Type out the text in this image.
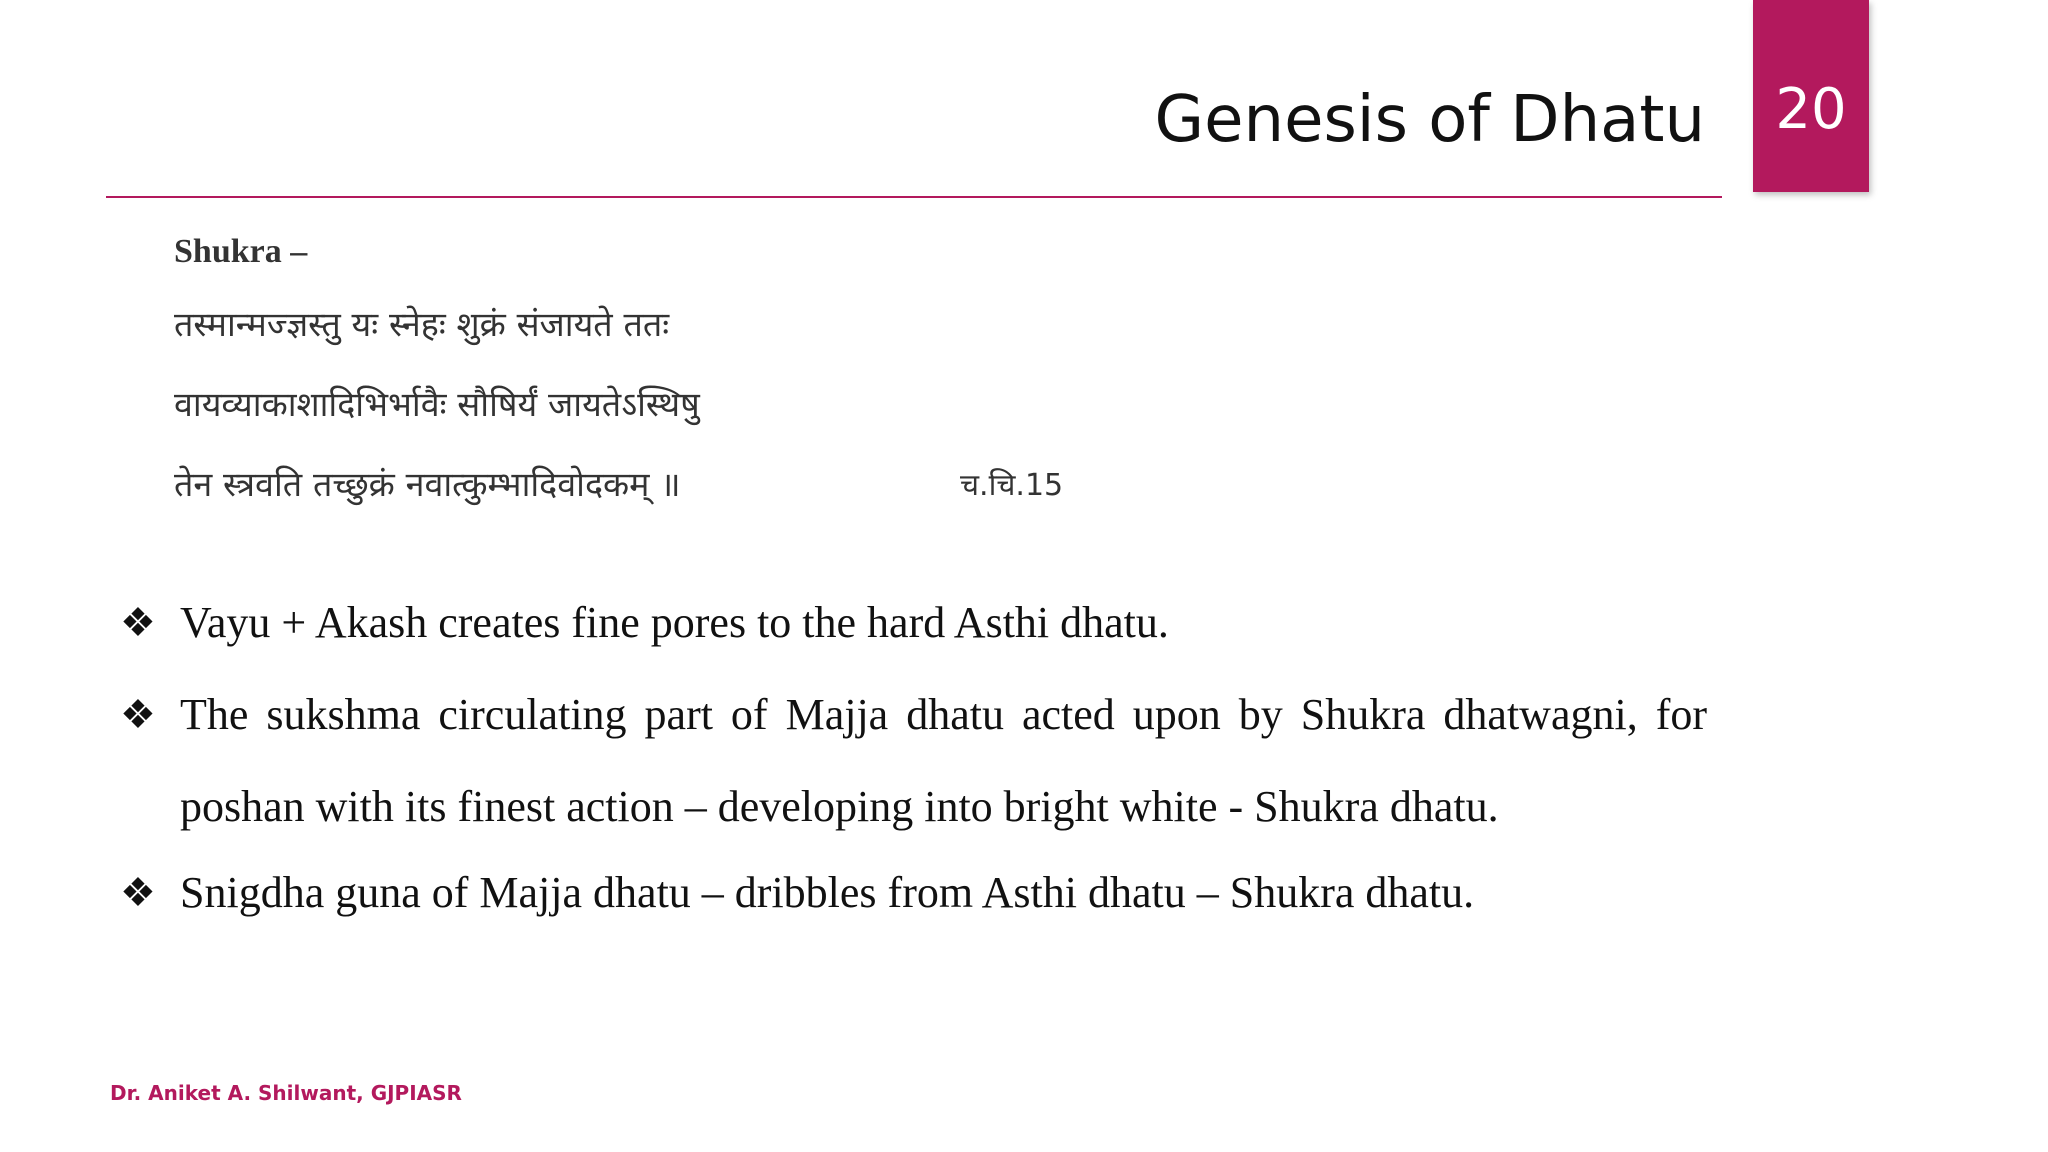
20
Genesis of Dhatu
Shukra –
तस्मान्मज्ज्ञस्तु यः स्नेहः शुक्रं संजायते ततः
वायव्याकाशादिभिर्भावैः सौषिर्यं जायतेऽस्थिषु
तेन स्त्रवति तच्छुक्रं नवात्कुम्भादिवोदकम् ॥	च.चि.15
❖ Vayu + Akash creates fine pores to the hard Asthi dhatu.
❖ The sukshma circulating part of Majja dhatu acted upon by Shukra dhatwagni, for poshan with its finest action – developing into bright white - Shukra dhatu.
❖ Snigdha guna of Majja dhatu – dribbles from Asthi dhatu – Shukra dhatu.
Dr. Aniket A. Shilwant, GJPIASR
